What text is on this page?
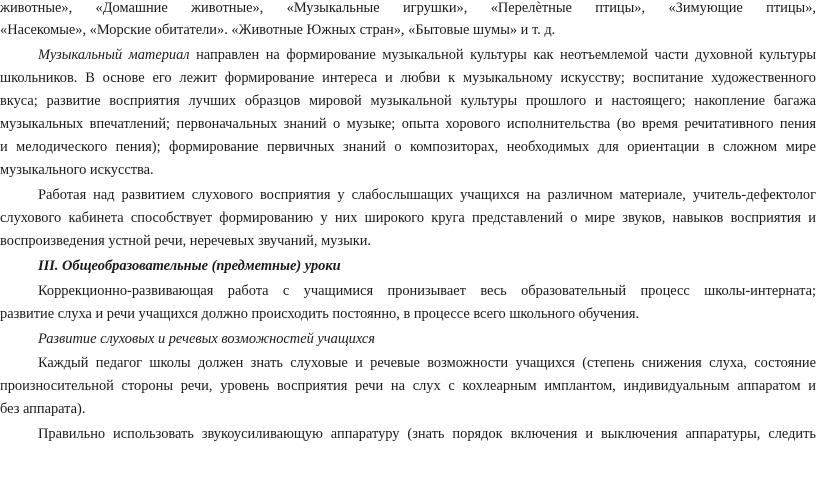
животные», «Домашние животные», «Музыкальные игрушки», «Перелѐтные птицы», «Зимующие птицы»,
«Насекомые», «Морские обитатели». «Животные Южных стран», «Бытовые шумы» и т. д.
Музыкальный материал направлен на формирование музыкальной культуры как неотъемлемой части духовной культуры
школьников. В основе его лежит формирование интереса и любви к музыкальному искусству; воспитание художественного
вкуса; развитие восприятия лучших образцов мировой музыкальной культуры прошлого и настоящего; накопление багажа
музыкальных впечатлений; первоначальных знаний о музыке; опыта хорового исполнительства (во время речитативного пения
и мелодического пения); формирование первичных знаний о композиторах, необходимых для ориентации в сложном мире
музыкального искусства.
Работая над развитием слухового восприятия у слабослышащих учащихся на различном материале, учитель-дефектолог
слухового кабинета способствует формированию у них широкого круга представлений о мире звуков, навыков восприятия и
воспроизведения устной речи, неречевых звучаний, музыки.
III. Общеобразовательные (предметные) уроки
Коррекционно-развивающая работа с учащимися пронизывает весь образовательный процесс школы-интерната;
развитие слуха и речи учащихся должно происходить постоянно, в процессе всего школьного обучения.
Развитие слуховых и речевых возможностей учащихся
Каждый педагог школы должен знать слуховые и речевые возможности учащихся (степень снижения слуха, состояние
произносительной стороны речи, уровень восприятия речи на слух с кохлеарным имплантом, индивидуальным аппаратом и
без аппарата).
Правильно использовать звукоусиливающую аппаратуру (знать порядок включения и выключения аппаратуры, следить
